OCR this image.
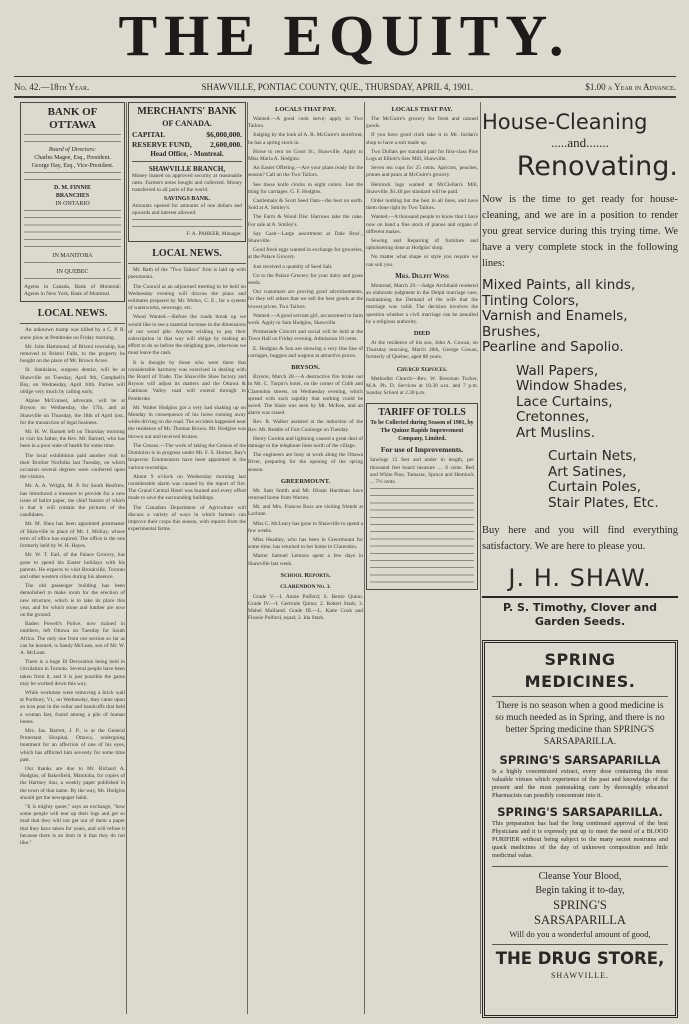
THE EQUITY.
No. 42.—18th Year.	SHAWVILLE, PONTIAC COUNTY, QUE., THURSDAY, APRIL 4, 1901.	$1.00 a Year in Advance.
BANK OF OTTAWA
Board of Directors:
Charles Magee, Esq., President.
George Hay, Esq., Vice-President.
D. M. FINNIE
BRANCHES
IN ONTARIO
IN MANITOBA
IN QUEBEC
Agents in Canada, Bank of Montreal; Agents in New York, Bank of Montreal.
LOCAL NEWS.

An unknown tramp was killed by a C. P. R. snow plow at Pembroke on Friday morning.

Mr. John Hammond, of Bristol township, has removed to Bristol Falls, to the property he bought on the place of Mr. Brown Acres.

St. Stanislaus, surgeon dentist, will be at Shawville on Tuesday, April 9th, Campbell's Bay, on Wednesday, April 10th. Parties will oblige very much by calling early.

Alpine McConnel, advocate, will be at Bryson on Wednesday, the 17th, and at Shawville on Thursday, the 18th of April inst., for the transaction of legal business.

Mr. H. W. Barnett left on Thursday morning to visit his father, the Rev. Mr. Barnett, who has been in a poor state of health for some time.

The local exhibitions paid another visit to their Brother Norfolks last Tuesday, on which occasion several degrees were conferred upon the visitors.

Mr. A. A. Wright, M. P. for South Renfrew, has introduced a measure to provide for a new issue of ballot paper, the chief feature of which is that it will contain the pictures of the candidates.

Mr. M. Shea has been appointed postmaster of Shawville in place of Mr. J. McKay, whose term of office has expired. The office is the one formerly held by W. H. Hayes.

Mr. W. T. Earl, of the Palace Grocery, has gone to spend his Easter holidays with his parents. He expects to visit Brookville, Toronto and other western cities during his absence.

The old passenger building has been demolished to make room for the erection of new structure, which is to take its place this year, and for which stone and lumber are now on the ground.

Baden Powell's Police, now trained in numbers, left Ottawa on Tuesday for South Africa. The only one from our section so far as can be learned, is Sandy McLean, son of Mr. W. A. McLean.

There is a huge Ill Decoration being held in circulation in Toronto. Several people have been taken from it, and it is just possible the game may be worked down this way.

While workmen were removing a brick wall at Portbury, Vt., on Wednesday, they came upon an iron post in the cellar and handcuffs that held a woman fast, found among a pile of human bones.

Mrs. Jas. Barrett, J. P., is at the General Protestant Hospital, Ottawa, undergoing treatment for an affection of one of his eyes, which has afflicted him severely for some time past.

Our thanks are due to Mr. Richard A. Hodgins, of Bakerfield, Manitoba, for copies of the Hartney Star, a weekly paper published in the town of that name. By the way, Mr. Hodgins should get the newspaper habit.

"It is mighty queer," says an exchange, "how some people will tear up their logs and get so mad that they will not get out of them a paper that they have taken for years, and will refuse it because there is an item in it that they do not like."

MERCHANTS' BANK
OF CANADA.
CAPITAL	$6,000,000.
RESERVE FUND, 2,600,000.
Head Office, - Montreal.
SHAWVILLE BRANCH,
Money loaned on approved security at reasonable rates. Farmers notes bought and collected. Money transferred to all parts of the world.
SAVINGS BANK.
Amounts opened for amounts of one dollars and upwards and interest allowed.
F. A. PARKER, Manager.
LOCAL NEWS.

Mr. Rath of the "Two Tailors" firm is laid up with pneumonia.

The Council at an adjourned meeting to be held on Wednesday evening will discuss the plans and estimates prepared by Mr. Mohrs, C. E., for a system of waterworks, sewerage, etc.

Wood Wanted.—Before the roads break up we would like to see a material increase in the dimensions of our wood pile. Anyone wishing to pay their subscription in that way will oblige by making an effort to do so before the sleighing goes, otherwise we must leave the cash.

It is thought by those who were there that considerable harmony was exercised in dealing with the Board of Trade. The Shawville Shoe factory and Bryson will adjust its matters and the Ottawa & Gatineau Valley road will extend through to Pembroke.

Mr. Walter Hodgins got a very bad shaking up on Monday in consequence of his horse running away while driving on the road. The accident happened near the residence of Mr. Thomas Brown. Mr. Hodgins was thrown out and received bruises.

The Census.—The work of taking the Census of the Dominion is in progress under Mr. F. S. Horner, Bay's Inspector. Enumerators have been appointed in the various townships.

About 9 o'clock on Wednesday morning last considerable alarm was caused by the report of fire. The Grand Central Hotel was burned and every effort made to save the surrounding buildings.

The Canadian Department of Agriculture will discuss a variety of ways in which farmers can improve their crops this season, with reports from the experimental farms.

LOCALS THAT PAY.

Wanted.—A good cook stove; apply to Two Tailors.

Judging by the look of A. R. McGuire's storefront, he has a spring stock in.

Horse to rent on Court St., Shawville. Apply to Miss Maria A. Hodgins.

An Easter Offering.—Are your plans ready for the season? Call on the Two Tailors.

See those knife clocks in eight colors. Just the thing for carriages. G. F. Hodgins.

Castlemain & Scott Seed Oats—the best on earth. Sold at A. Smiley's.

The Farm & Wood Disc Harrows take the cake. For sale at A. Smiley's.

Say Cash—Large assortment at Dale Bros'., Shawville.

Good fresh eggs wanted in exchange for groceries, at the Palace Grocery.

Just received a quantity of Seed Salt.

Go to the Palace Grocery for your dairy and grass seeds.

Our customers are proving good advertisements, for they tell others that we sell the best goods at the lowest prices. Two Tailors.

Wanted.—A good servant girl, accustomed to farm work. Apply to Sam Hodgins, Shawville.

Promenade Concert and social will be held at the Town Hall on Friday evening. Admission 10 cents.

E. Hodgins & Son are showing a very fine line of carriages, buggies and wagons at attractive prices.

BRYSON.

Bryson, March 28.—A destructive fire broke out in Mr. C. Turpin's hotel, on the corner of Cobb and Clarendon streets, on Wednesday evening, which spread with such rapidity that nothing could be saved. The blaze was seen by Mr. McKee, and an alarm was raised.

Rev. R. Walker assisted at the induction of the Rev. Mr. Reddin of Fort Coulonge on Tuesday.

Henry Gordon and lightning caused a great deal of damage to the telephone lines north of the village.

The engineers are busy at work along the Ottawa River, preparing for the opening of the spring season.

GREERMOUNT.

Mr. Sam Smith and Mr. Hiram Hurdman have returned home from Warren.

Mr. and Mrs. Frances Ross are visiting friends at Lachute.

Miss C. McLeary has gone to Shawville to spend a few weeks.

Miss Headley, who has been in Greermount for some time, has returned to her home in Clarendon.

Master Samuel Lemons spent a few days in Shawville last week.

School Reports.
CLARENDON No. 3.

Grade V.—I. Annie Pulford; S. Bertie Quinn. Grade IV.—I. Gertrude Quinn; 2. Robert Stark; 3. Mabel Mulliand. Grade III.—L. Katie Cook and Flossie Pulford, equal; 2. Ida Stark.

LOCALS THAT PAY.

The McGuire's grocery for fresh and canned goods.

If you have good cloth take it to Mr. Jordan's shop to have a suit made up.

Two Dollars per standard pair for first-class Pine Logs at Elliott's Saw Mill, Shawville.

Seven tea cups for 25 cents. Apricots, peaches, prunes and pears at McGuire's grocery.

Hemlock logs wanted at McClellan's Mill, Shawville. $1.40 per standard will be paid.

Order nothing but the best in all lines, and have them done right by Two Tailors.

Wanted.—A thousand people to know that I have now on hand a fine stock of pianos and organs of different makes.

Sewing and Repairing of furniture and upholstering done at Hodgins' shop.

No matter what shape or style you require we can suit you.

Mrs. Delpit Wins

Montreal, March 29.—Judge Archibald rendered an elaborate judgment in the Delpit marriage case, maintaining the Demand of the wife that the marriage was valid. The decision involves the question whether a civil marriage can be annulled by a religious authority.

DIED

At the residence of his son, John A. Cowan, on Thursday morning, March 28th, George Cowan, formerly of Quebec, aged 88 years.

Church Services.

Methodist Church—Rev. W. Bowman Tucker, M.A. Ph. D. Services at 10.30 a.m. and 7 p.m. Sunday School at 2.30 p.m.

TARIFF OF TOLLS
To be Collected during Season of 1901, by The Quinze Rapids Improvement Company, Limited.
For use of Improvements.
Sawlogs 12 feet and under in length, per thousand feet board measure .... 6 cents. Red and White Pine, Tamarac, Spruce and Hemlock ... 7½ cents.
House-Cleaning
.....and.......
Renovating.
Now is the time to get ready for house-cleaning, and we are in a position to render you great service during this trying time. We have a very complete stock in the following lines:
Mixed Paints, all kinds,
Tinting Colors,
Varnish and Enamels,
Brushes,
Pearline and Sapolio.
Wall Papers,
Window Shades,
Lace Curtains,
Cretonnes,
Art Muslins.
Curtain Nets,
Art Satines,
Curtain Poles,
Stair Plates, Etc.
Buy here and you will find everything satisfactory. We are here to please you.
J. H. SHAW.
P. S. Timothy, Clover and Garden Seeds.
SPRING MEDICINES.
There is no season when a good medicine is so much needed as in Spring, and there is no better Spring medicine than SPRING'S SARSAPARILLA.
SPRING'S SARSAPARILLA
Is a highly concentrated extract, every dose containing the most valuable virtues which experience of the past and knowledge of the present and the most painstaking care by thoroughly educated Pharmacists can possibly concentrate into it.
SPRING'S SARSAPARILLA.
This preparation has had the long continued approval of the best Physicians and it is expressly put up to meet the need of a BLOOD PURIFIER without being subject to the many secret nostrums and quack medicines of the day of unknown composition and little medicinal value.
Cleanse Your Blood,
Begin taking it to-day,
SPRING'S
SARSAPARILLA
Will do you a wonderful amount of good,
THE DRUG STORE,
SHAWVILLE.
